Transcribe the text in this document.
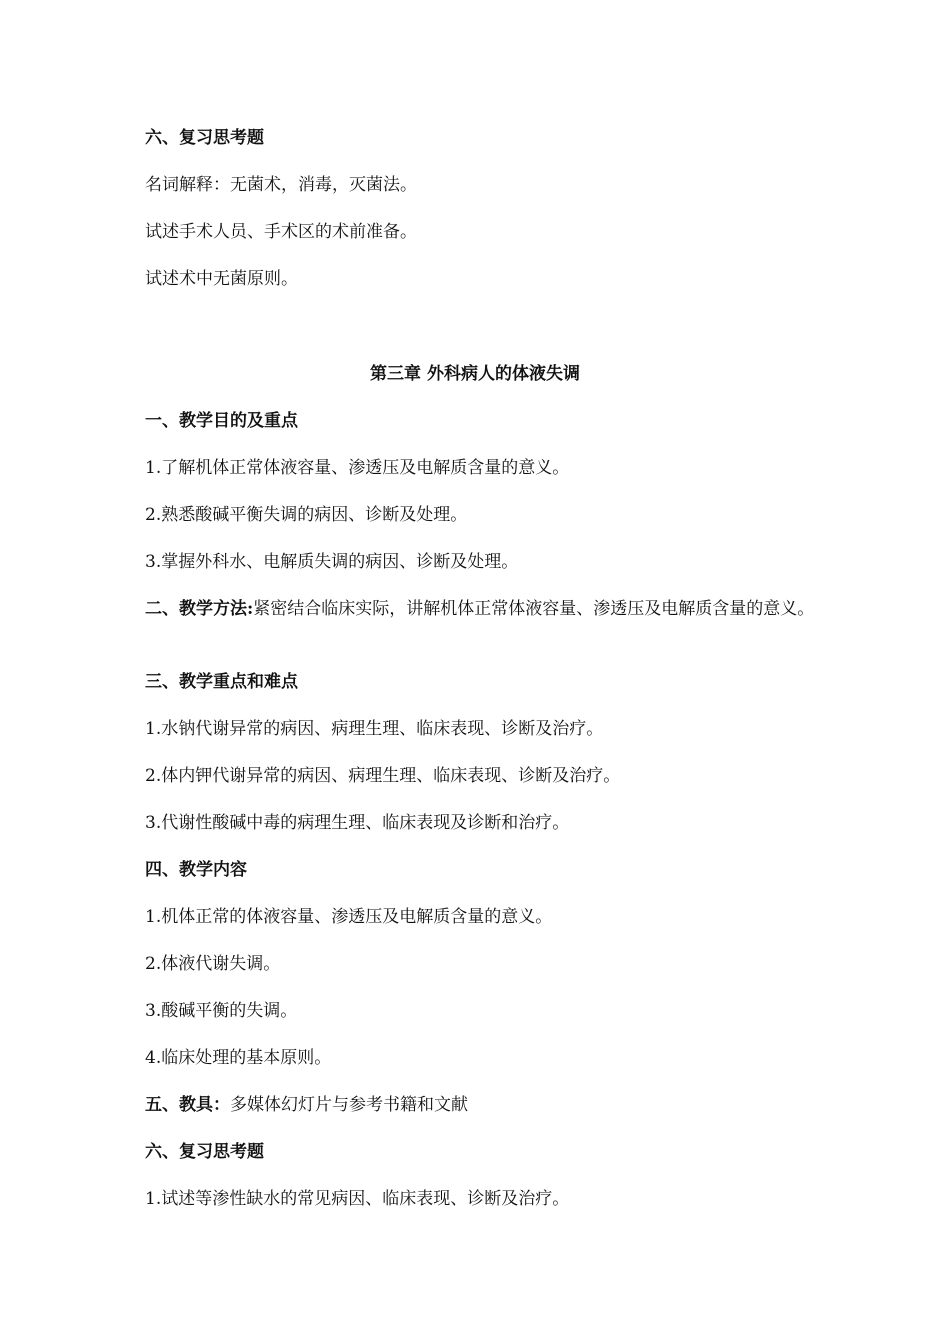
六、复习思考题
名词解释：无菌术，消毒，灭菌法。
试述手术人员、手术区的术前准备。
试述术中无菌原则。
第三章 外科病人的体液失调
一、教学目的及重点
1.了解机体正常体液容量、渗透压及电解质含量的意义。
2.熟悉酸碱平衡失调的病因、诊断及处理。
3.掌握外科水、电解质失调的病因、诊断及处理。
二、教学方法:紧密结合临床实际，讲解机体正常体液容量、渗透压及电解质含量的意义。
三、教学重点和难点
1.水钠代谢异常的病因、病理生理、临床表现、诊断及治疗。
2.体内钾代谢异常的病因、病理生理、临床表现、诊断及治疗。
3.代谢性酸碱中毒的病理生理、临床表现及诊断和治疗。
四、教学内容
1.机体正常的体液容量、渗透压及电解质含量的意义。
2.体液代谢失调。
3.酸碱平衡的失调。
4.临床处理的基本原则。
五、教具：多媒体幻灯片与参考书籍和文献
六、复习思考题
1.试述等渗性缺水的常见病因、临床表现、诊断及治疗。
